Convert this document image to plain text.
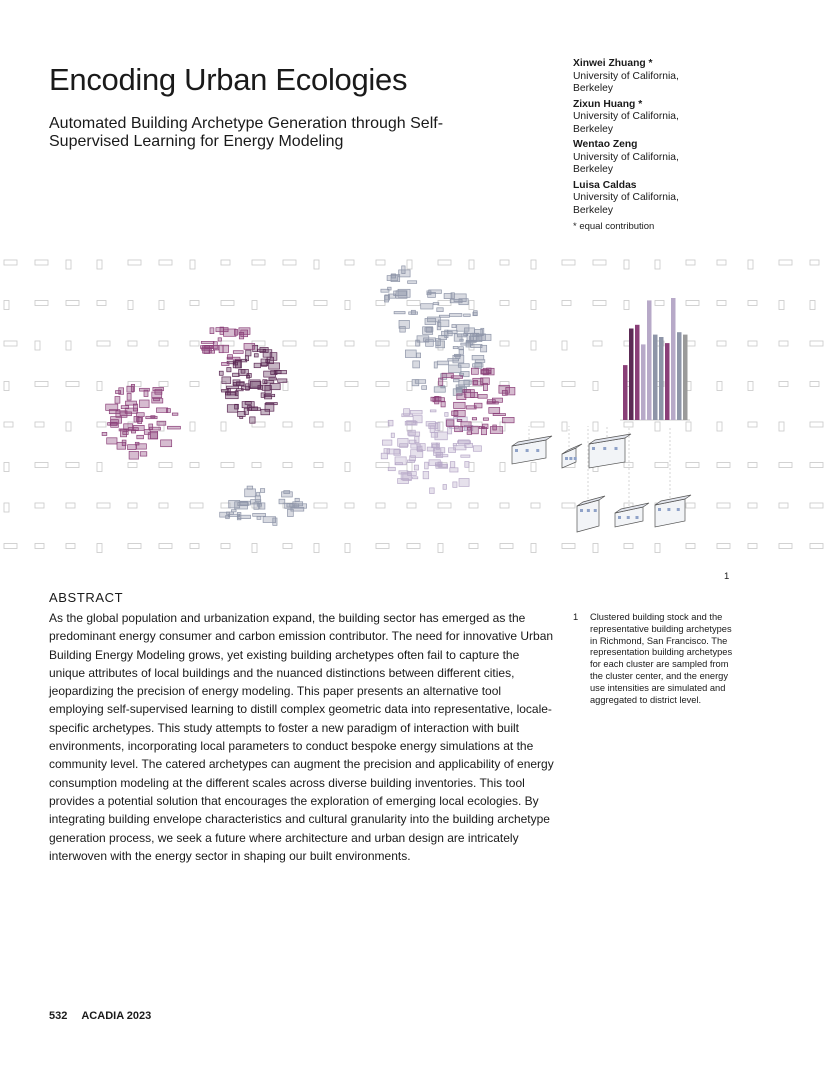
Encoding Urban Ecologies

Automated Building Archetype Generation through Self-Supervised Learning for Energy Modeling

Xinwei Zhuang *
University of California, Berkeley
Zixun Huang *
University of California, Berkeley
Wentao Zeng
University of California, Berkeley
Luisa Caldas
University of California, Berkeley
* equal contribution
1
ABSTRACT

As the global population and urbanization expand, the building sector has emerged as the predominant energy consumer and carbon emission contributor. The need for innovative Urban Building Energy Modeling grows, yet existing building archetypes often fail to capture the unique attributes of local buildings and the nuanced distinctions between different cities, jeopardizing the precision of energy modeling. This paper presents an alternative tool employing self-supervised learning to distill complex geometric data into representative, locale-specific archetypes. This study attempts to foster a new paradigm of interaction with built environments, incorporating local parameters to conduct bespoke energy simulations at the community level. The catered archetypes can augment the precision and applicability of energy consumption modeling at the different scales across diverse building inventories. This tool provides a potential solution that encourages the exploration of emerging local ecologies. By integrating building envelope characteristics and cultural granularity into the building archetype generation process, we seek a future where architecture and urban design are intricately interwoven with the energy sector in shaping our built environments.

1 Clustered building stock and the representative building archetypes in Richmond, San Francisco. The representation building archetypes for each cluster are sampled from the cluster center, and the energy use intensities are simulated and aggregated to district level.
532 ACADIA 2023
